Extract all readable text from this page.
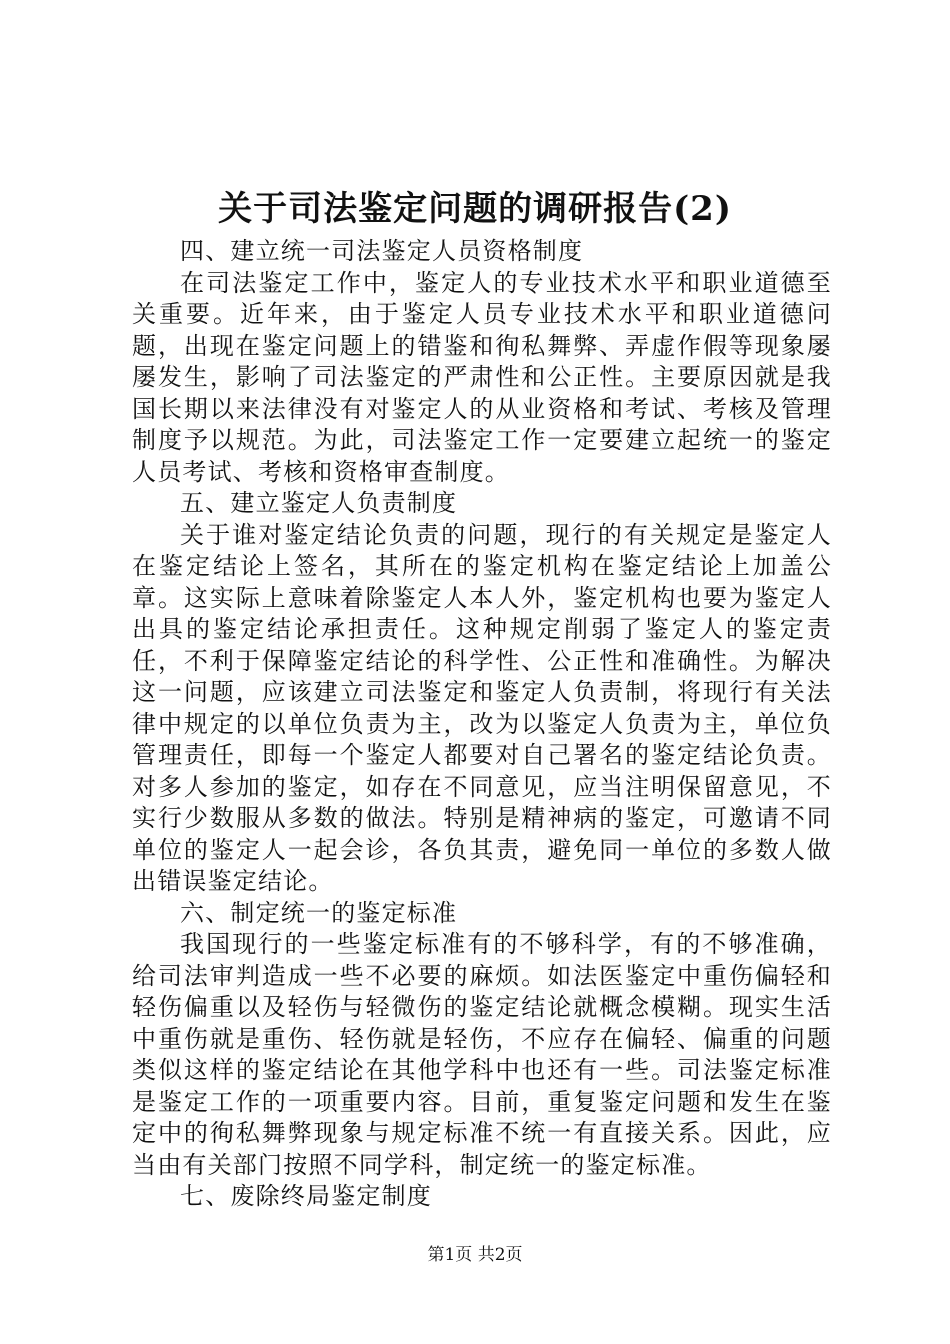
关于司法鉴定问题的调研报告(2)

四、建立统一司法鉴定人员资格制度

在司法鉴定工作中，鉴定人的专业技术水平和职业道德至关重要。近年来，由于鉴定人员专业技术水平和职业道德问题，出现在鉴定问题上的错鉴和徇私舞弊、弄虚作假等现象屡屡发生，影响了司法鉴定的严肃性和公正性。主要原因就是我国长期以来法律没有对鉴定人的从业资格和考试、考核及管理制度予以规范。为此，司法鉴定工作一定要建立起统一的鉴定人员考试、考核和资格审查制度。

五、建立鉴定人负责制度

关于谁对鉴定结论负责的问题，现行的有关规定是鉴定人在鉴定结论上签名，其所在的鉴定机构在鉴定结论上加盖公章。这实际上意味着除鉴定人本人外，鉴定机构也要为鉴定人出具的鉴定结论承担责任。这种规定削弱了鉴定人的鉴定责任，不利于保障鉴定结论的科学性、公正性和准确性。为解决这一问题，应该建立司法鉴定和鉴定人负责制，将现行有关法律中规定的以单位负责为主，改为以鉴定人负责为主，单位负管理责任，即每一个鉴定人都要对自己署名的鉴定结论负责。对多人参加的鉴定，如存在不同意见，应当注明保留意见，不实行少数服从多数的做法。特别是精神病的鉴定，可邀请不同单位的鉴定人一起会诊，各负其责，避免同一单位的多数人做出错误鉴定结论。

六、制定统一的鉴定标准

我国现行的一些鉴定标准有的不够科学，有的不够准确，给司法审判造成一些不必要的麻烦。如法医鉴定中重伤偏轻和轻伤偏重以及轻伤与轻微伤的鉴定结论就概念模糊。现实生活中重伤就是重伤、轻伤就是轻伤，不应存在偏轻、偏重的问题类似这样的鉴定结论在其他学科中也还有一些。司法鉴定标准是鉴定工作的一项重要内容。目前，重复鉴定问题和发生在鉴定中的徇私舞弊现象与规定标准不统一有直接关系。因此，应当由有关部门按照不同学科，制定统一的鉴定标准。

七、废除终局鉴定制度

第1页 共2页
